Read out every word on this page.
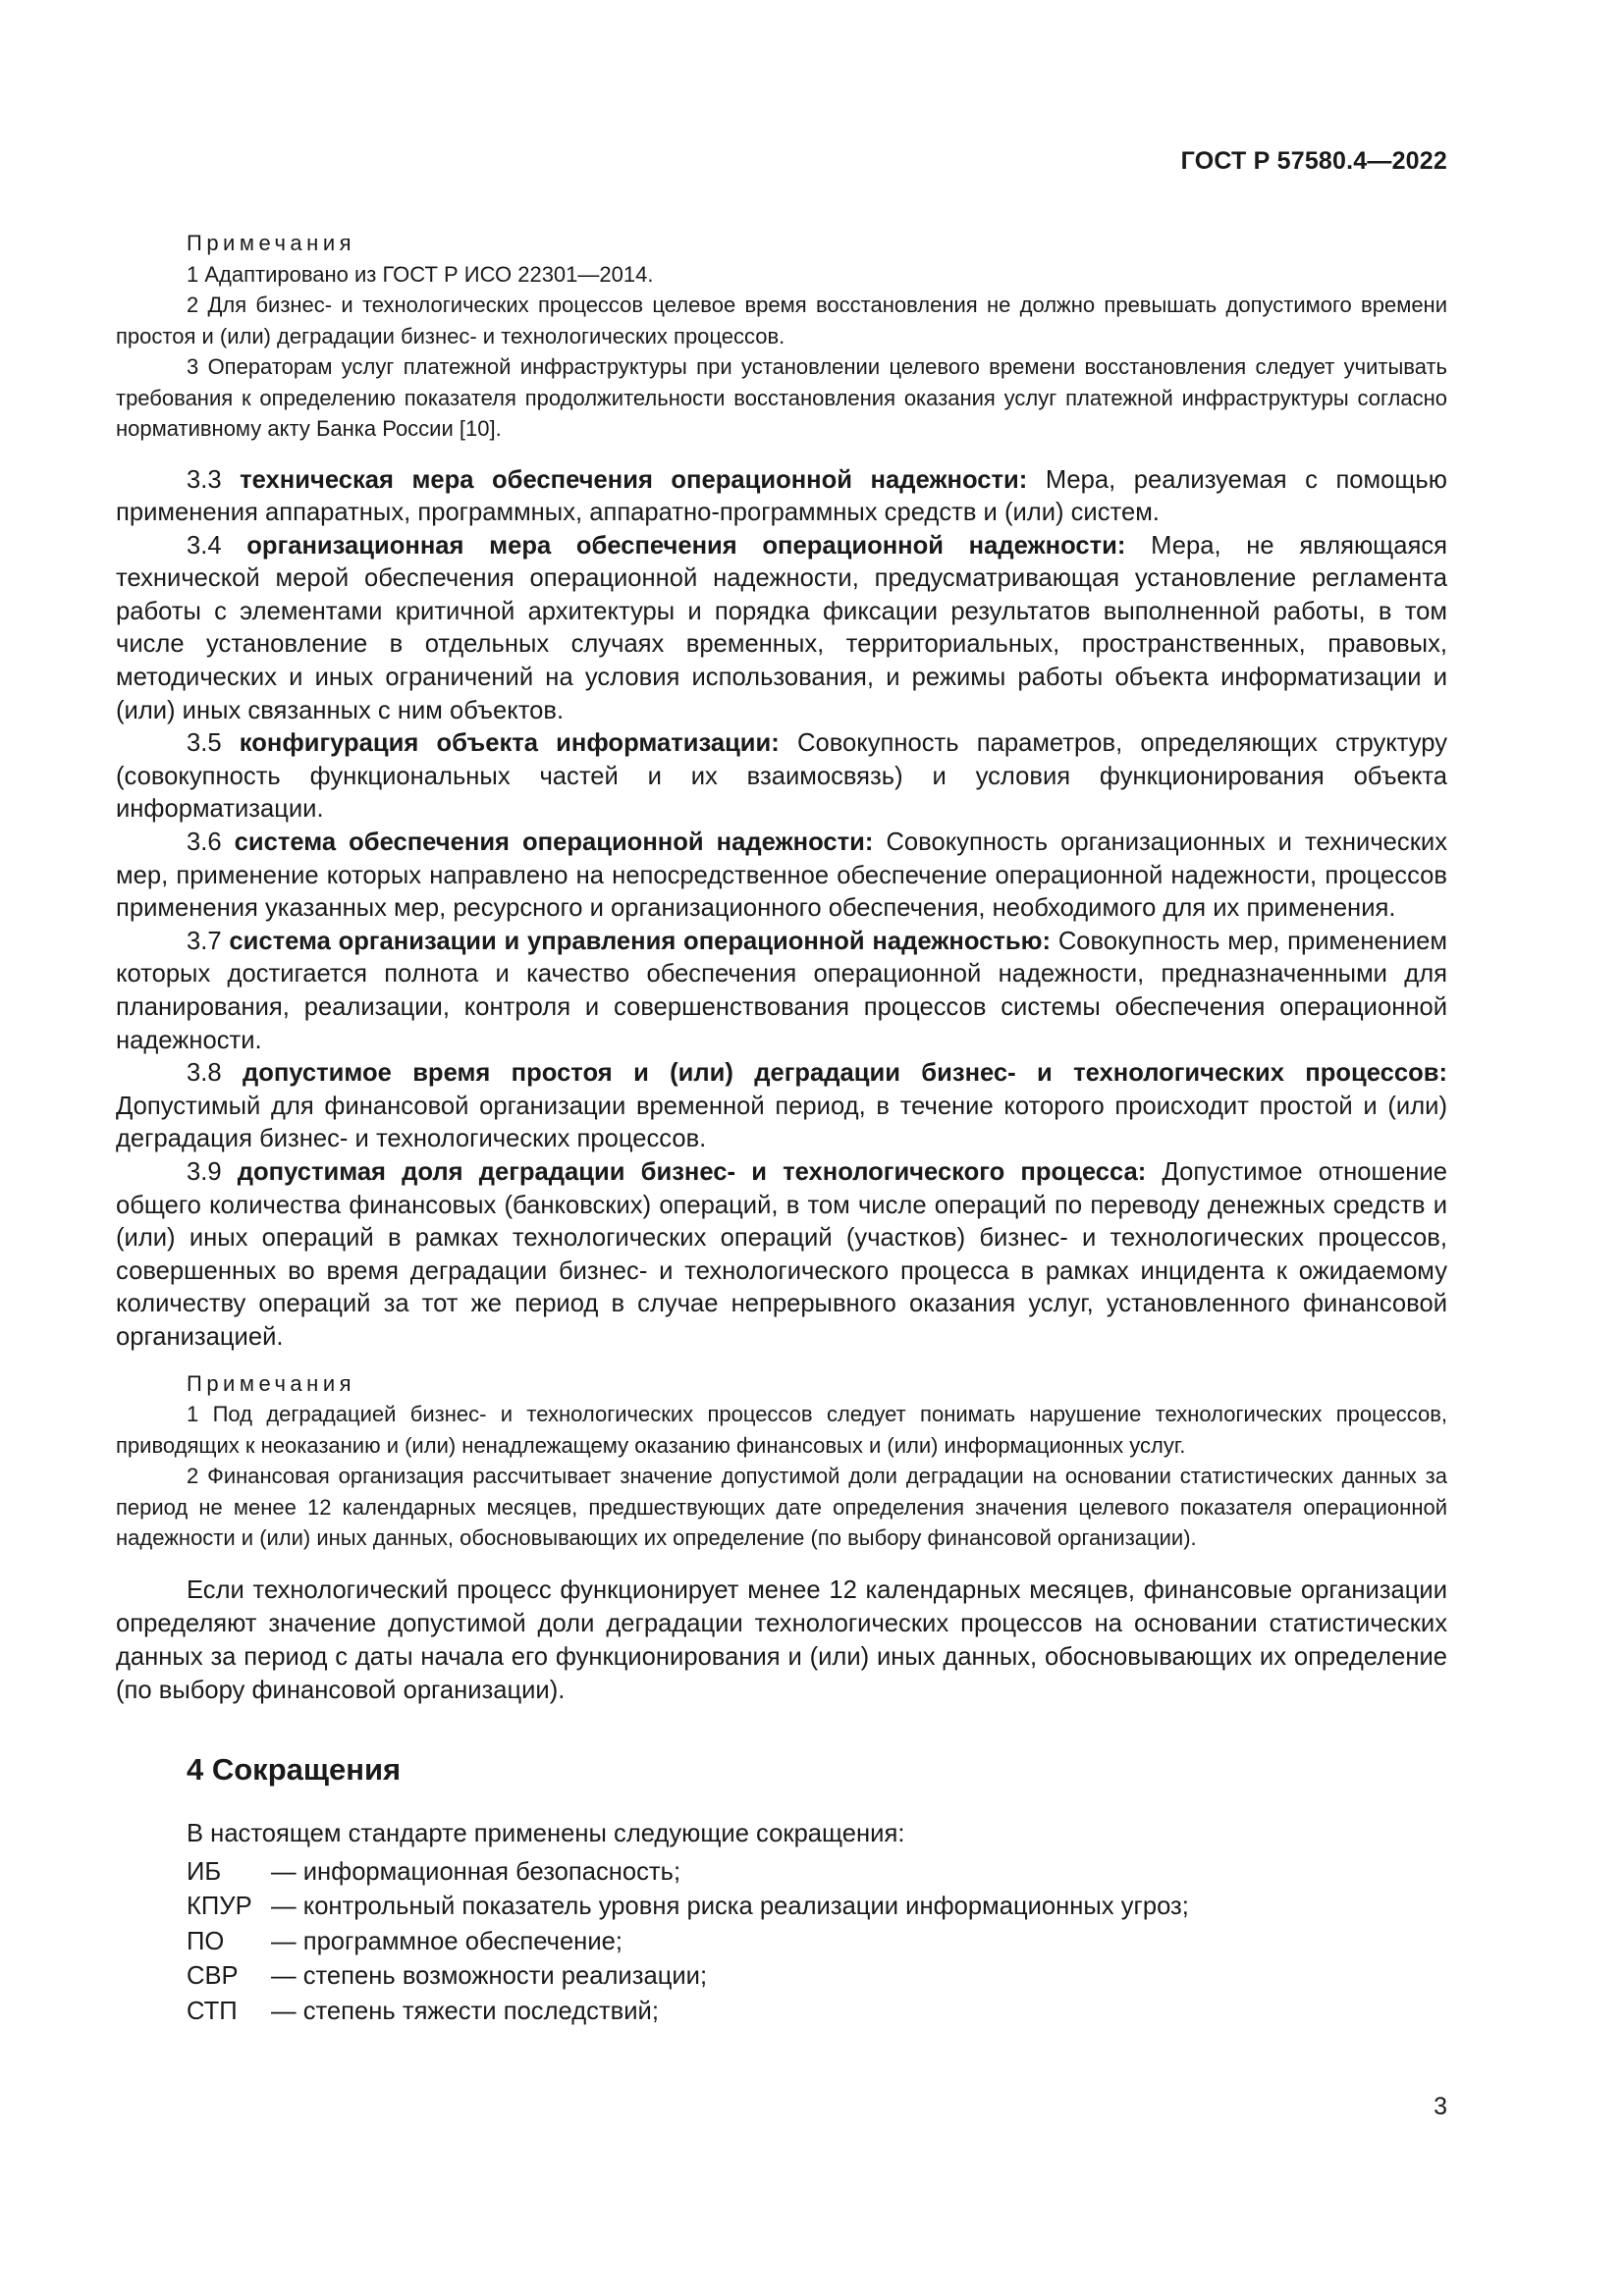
ГОСТ Р 57580.4—2022
Примечания

1 Адаптировано из ГОСТ Р ИСО 22301—2014.

2 Для бизнес- и технологических процессов целевое время восстановления не должно превышать допустимого времени простоя и (или) деградации бизнес- и технологических процессов.

3 Операторам услуг платежной инфраструктуры при установлении целевого времени восстановления следует учитывать требования к определению показателя продолжительности восстановления оказания услуг платежной инфраструктуры согласно нормативному акту Банка России [10].

3.3 техническая мера обеспечения операционной надежности: Мера, реализуемая с помощью применения аппаратных, программных, аппаратно-программных средств и (или) систем.

3.4 организационная мера обеспечения операционной надежности: Мера, не являющаяся технической мерой обеспечения операционной надежности, предусматривающая установление регламента работы с элементами критичной архитектуры и порядка фиксации результатов выполненной работы, в том числе установление в отдельных случаях временных, территориальных, пространственных, правовых, методических и иных ограничений на условия использования, и режимы работы объекта информатизации и (или) иных связанных с ним объектов.

3.5 конфигурация объекта информатизации: Совокупность параметров, определяющих структуру (совокупность функциональных частей и их взаимосвязь) и условия функционирования объекта информатизации.

3.6 система обеспечения операционной надежности: Совокупность организационных и технических мер, применение которых направлено на непосредственное обеспечение операционной надежности, процессов применения указанных мер, ресурсного и организационного обеспечения, необходимого для их применения.

3.7 система организации и управления операционной надежностью: Совокупность мер, применением которых достигается полнота и качество обеспечения операционной надежности, предназначенными для планирования, реализации, контроля и совершенствования процессов системы обеспечения операционной надежности.

3.8 допустимое время простоя и (или) деградации бизнес- и технологических процессов: Допустимый для финансовой организации временной период, в течение которого происходит простой и (или) деградация бизнес- и технологических процессов.

3.9 допустимая доля деградации бизнес- и технологического процесса: Допустимое отношение общего количества финансовых (банковских) операций, в том числе операций по переводу денежных средств и (или) иных операций в рамках технологических операций (участков) бизнес- и технологических процессов, совершенных во время деградации бизнес- и технологического процесса в рамках инцидента к ожидаемому количеству операций за тот же период в случае непрерывного оказания услуг, установленного финансовой организацией.

Примечания

1 Под деградацией бизнес- и технологических процессов следует понимать нарушение технологических процессов, приводящих к неоказанию и (или) ненадлежащему оказанию финансовых и (или) информационных услуг.

2 Финансовая организация рассчитывает значение допустимой доли деградации на основании статистических данных за период не менее 12 календарных месяцев, предшествующих дате определения значения целевого показателя операционной надежности и (или) иных данных, обосновывающих их определение (по выбору финансовой организации).

Если технологический процесс функционирует менее 12 календарных месяцев, финансовые организации определяют значение допустимой доли деградации технологических процессов на основании статистических данных за период с даты начала его функционирования и (или) иных данных, обосновывающих их определение (по выбору финансовой организации).

4 Сокращения
В настоящем стандарте применены следующие сокращения:
ИБ	— информационная безопасность;
КПУР — контрольный показатель уровня риска реализации информационных угроз;
ПО	— программное обеспечение;
СВР	— степень возможности реализации;
СТП	— степень тяжести последствий;
3
